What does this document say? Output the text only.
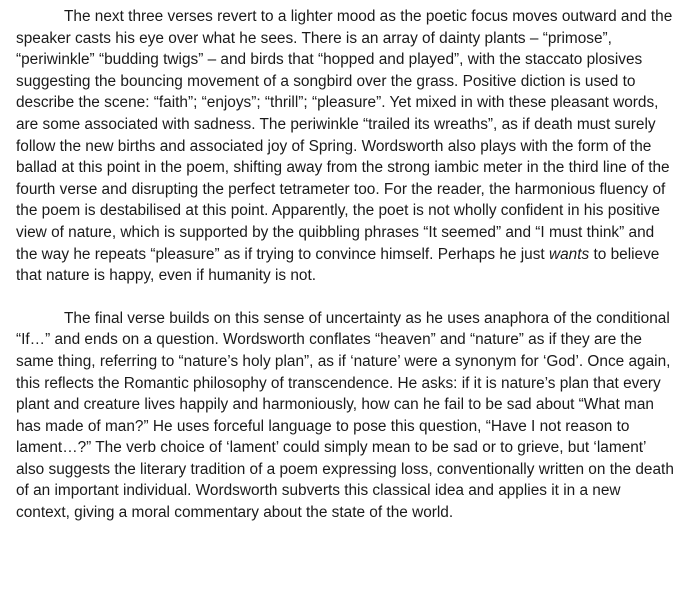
The next three verses revert to a lighter mood as the poetic focus moves outward and the speaker casts his eye over what he sees. There is an array of dainty plants – “primose”, “periwinkle” “budding twigs” – and birds that “hopped and played”, with the staccato plosives suggesting the bouncing movement of a songbird over the grass. Positive diction is used to describe the scene: “faith”; “enjoys”; “thrill”; “pleasure”. Yet mixed in with these pleasant words, are some associated with sadness. The periwinkle “trailed its wreaths”, as if death must surely follow the new births and associated joy of Spring. Wordsworth also plays with the form of the ballad at this point in the poem, shifting away from the strong iambic meter in the third line of the fourth verse and disrupting the perfect tetrameter too. For the reader, the harmonious fluency of the poem is destabilised at this point. Apparently, the poet is not wholly confident in his positive view of nature, which is supported by the quibbling phrases “It seemed” and “I must think” and the way he repeats “pleasure” as if trying to convince himself. Perhaps he just wants to believe that nature is happy, even if humanity is not.

The final verse builds on this sense of uncertainty as he uses anaphora of the conditional “If…” and ends on a question. Wordsworth conflates “heaven” and “nature” as if they are the same thing, referring to “nature’s holy plan”, as if ‘nature’ were a synonym for ‘God’. Once again, this reflects the Romantic philosophy of transcendence. He asks: if it is nature’s plan that every plant and creature lives happily and harmoniously, how can he fail to be sad about “What man has made of man?” He uses forceful language to pose this question, “Have I not reason to lament…?” The verb choice of ‘lament’ could simply mean to be sad or to grieve, but ‘lament’ also suggests the literary tradition of a poem expressing loss, conventionally written on the death of an important individual. Wordsworth subverts this classical idea and applies it in a new context, giving a moral commentary about the state of the world.
